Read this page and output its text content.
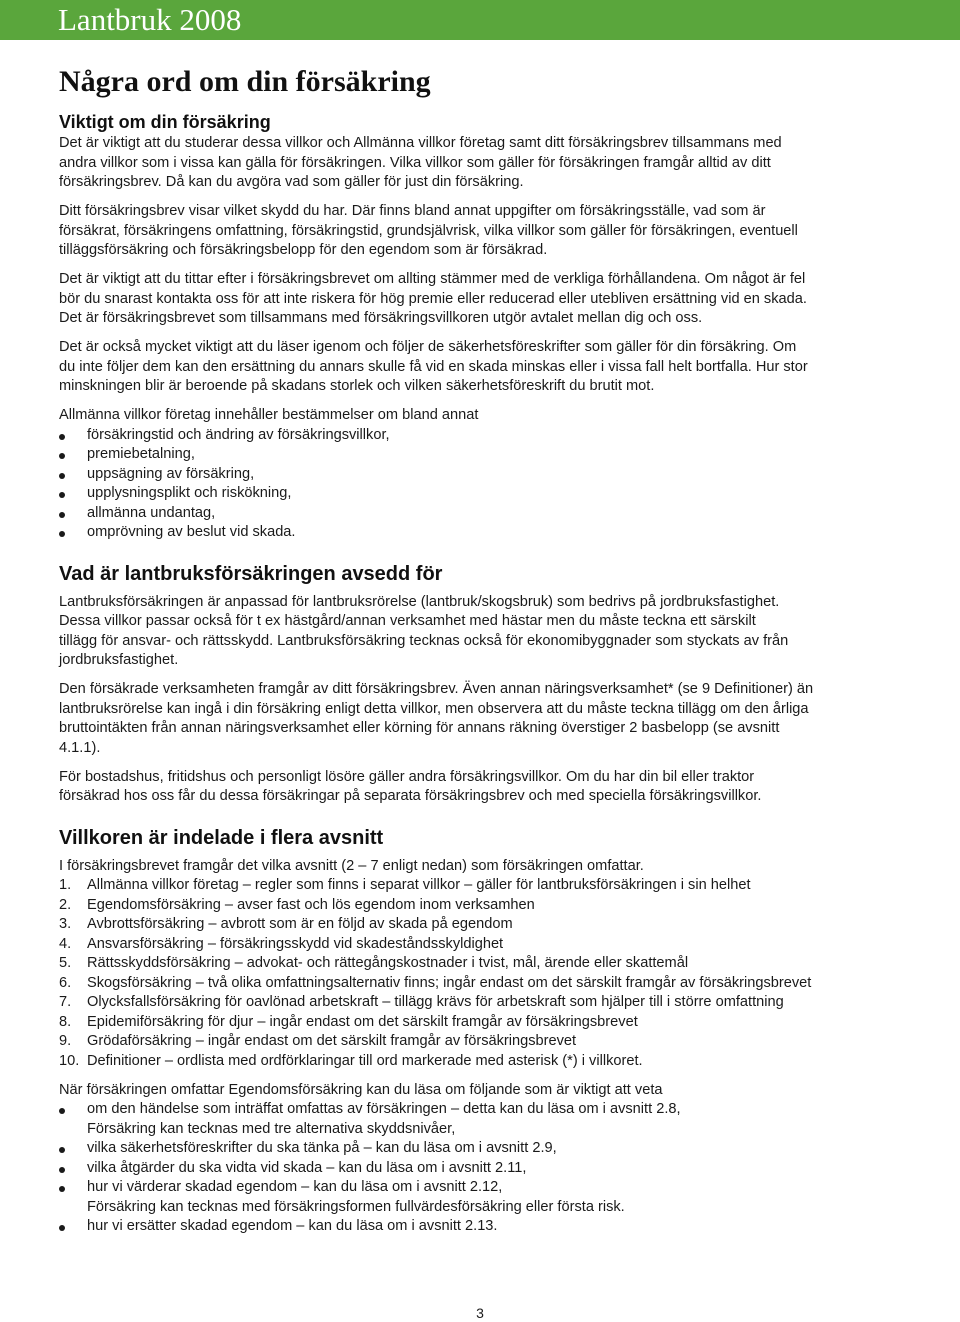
Lantbruk 2008
Några ord om din försäkring
Viktigt om din försäkring

Det är viktigt att du studerar dessa villkor och Allmänna villkor företag samt ditt försäkringsbrev tillsammans med
andra villkor som i vissa kan gälla för försäkringen. Vilka villkor som gäller för försäkringen framgår alltid av ditt
försäkringsbrev. Då kan du avgöra vad som gäller för just din försäkring.

Ditt försäkringsbrev visar vilket skydd du har. Där finns bland annat uppgifter om försäkringsställe, vad som är
försäkrat, försäkringens omfattning, försäkringstid, grundsjälvrisk, vilka villkor som gäller för försäkringen, eventuell
tilläggsförsäkring och försäkringsbelopp för den egendom som är försäkrad.

Det är viktigt att du tittar efter i försäkringsbrevet om allting stämmer med de verkliga förhållandena. Om något är fel
bör du snarast kontakta oss för att inte riskera för hög premie eller reducerad eller utebliven ersättning vid en skada.
Det är försäkringsbrevet som tillsammans med försäkringsvillkoren utgör avtalet mellan dig och oss.

Det är också mycket viktigt att du läser igenom och följer de säkerhetsföreskrifter som gäller för din försäkring. Om
du inte följer dem kan den ersättning du annars skulle få vid en skada minskas eller i vissa fall helt bortfalla. Hur stor
minskningen blir är beroende på skadans storlek och vilken säkerhetsföreskrift du brutit mot.

Allmänna villkor företag innehåller bestämmelser om bland annat

försäkringstid och ändring av försäkringsvillkor,
premiebetalning,
uppsägning av försäkring,
upplysningsplikt och riskökning,
allmänna undantag,
omprövning av beslut vid skada.
Vad är lantbruksförsäkringen avsedd för

Lantbruksförsäkringen är anpassad för lantbruksrörelse (lantbruk/skogsbruk) som bedrivs på jordbruksfastighet.
Dessa villkor passar också för t ex hästgård/annan verksamhet med hästar men du måste teckna ett särskilt
tillägg för ansvar- och rättsskydd. Lantbruksförsäkring tecknas också för ekonomibyggnader som styckats av från
jordbruksfastighet.

Den försäkrade verksamheten framgår av ditt försäkringsbrev. Även annan näringsverksamhet* (se 9 Definitioner) än
lantbruksrörelse kan ingå i din försäkring enligt detta villkor, men observera att du måste teckna tillägg om den årliga
bruttointäkten från annan näringsverksamhet eller körning för annans räkning överstiger 2 basbelopp (se avsnitt
4.1.1).

För bostadshus, fritidshus och personligt lösöre gäller andra försäkringsvillkor. Om du har din bil eller traktor
försäkrad hos oss får du dessa försäkringar på separata försäkringsbrev och med speciella försäkringsvillkor.

Villkoren är indelade i flera avsnitt

I försäkringsbrevet framgår det vilka avsnitt (2 – 7 enligt nedan) som försäkringen omfattar.

1. Allmänna villkor företag – regler som finns i separat villkor – gäller för lantbruksförsäkringen i sin helhet
2. Egendomsförsäkring – avser fast och lös egendom inom verksamhen
3. Avbrottsförsäkring – avbrott som är en följd av skada på egendom
4. Ansvarsförsäkring – försäkringsskydd vid skadeståndsskyldighet
5. Rättsskyddsförsäkring – advokat- och rättegångskostnader i tvist, mål, ärende eller skattemål
6. Skogsförsäkring – två olika omfattningsalternativ finns; ingår endast om det särskilt framgår av försäkringsbrevet
7. Olycksfallsförsäkring för oavlönad arbetskraft – tillägg krävs för arbetskraft som hjälper till i större omfattning
8. Epidemiförsäkring för djur – ingår endast om det särskilt framgår av försäkringsbrevet
9. Grödaförsäkring – ingår endast om det särskilt framgår av försäkringsbrevet
10. Definitioner – ordlista med ordförklaringar till ord markerade med asterisk (*) i villkoret.

När försäkringen omfattar Egendomsförsäkring kan du läsa om följande som är viktigt att veta

om den händelse som inträffat omfattas av försäkringen – detta kan du läsa om i avsnitt 2.8,
Försäkring kan tecknas med tre alternativa skyddsnivåer,
vilka säkerhetsföreskrifter du ska tänka på – kan du läsa om i avsnitt 2.9,
vilka åtgärder du ska vidta vid skada – kan du läsa om i avsnitt 2.11,
hur vi värderar skadad egendom – kan du läsa om i avsnitt 2.12,
Försäkring kan tecknas med försäkringsformen fullvärdesförsäkring eller första risk.
hur vi ersätter skadad egendom – kan du läsa om i avsnitt 2.13.
3
